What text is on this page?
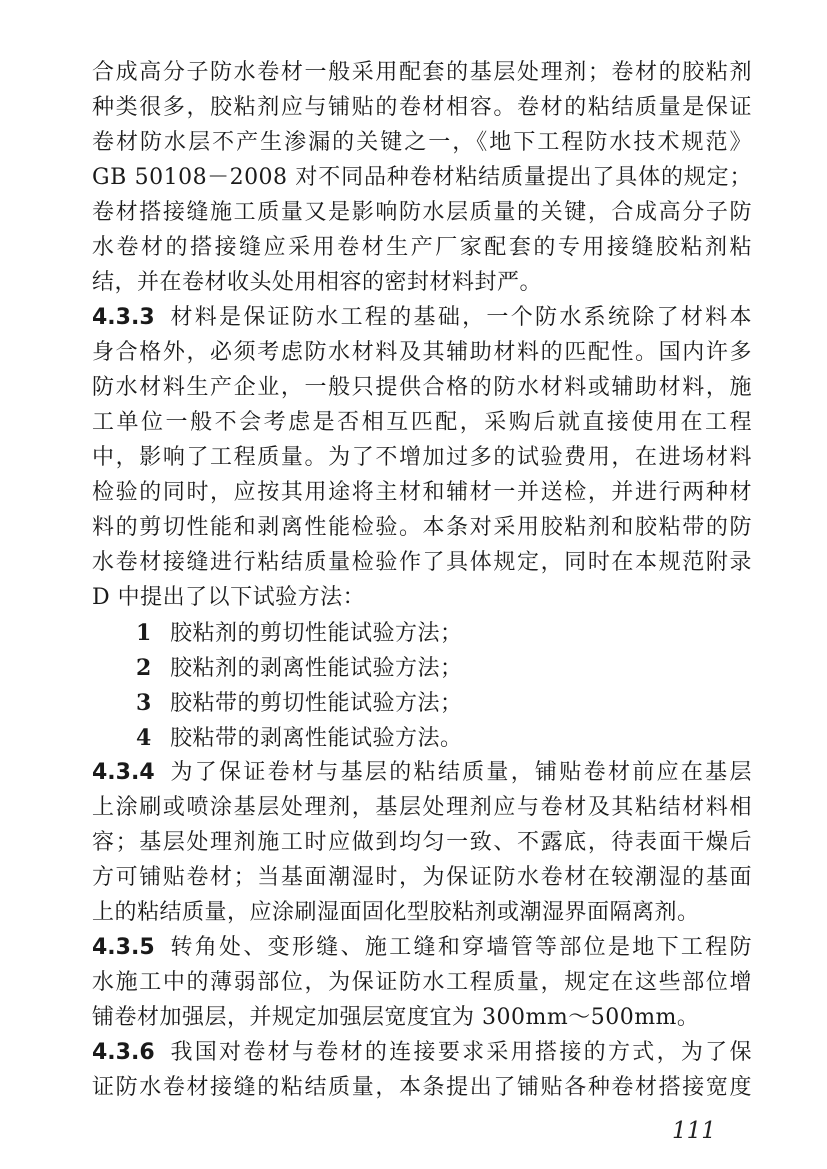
合成高分子防水卷材一般采用配套的基层处理剂；卷材的胶粘剂
种类很多，胶粘剂应与铺贴的卷材相容。卷材的粘结质量是保证
卷材防水层不产生渗漏的关键之一，《地下工程防水技术规范》
GB 50108－2008 对不同品种卷材粘结质量提出了具体的规定；
卷材搭接缝施工质量又是影响防水层质量的关键，合成高分子防
水卷材的搭接缝应采用卷材生产厂家配套的专用接缝胶粘剂粘
结，并在卷材收头处用相容的密封材料封严。
4.3.3 材料是保证防水工程的基础，一个防水系统除了材料本
身合格外，必须考虑防水材料及其辅助材料的匹配性。国内许多
防水材料生产企业，一般只提供合格的防水材料或辅助材料，施
工单位一般不会考虑是否相互匹配，采购后就直接使用在工程
中，影响了工程质量。为了不增加过多的试验费用，在进场材料
检验的同时，应按其用途将主材和辅材一并送检，并进行两种材
料的剪切性能和剥离性能检验。本条对采用胶粘剂和胶粘带的防
水卷材接缝进行粘结质量检验作了具体规定，同时在本规范附录
D 中提出了以下试验方法：
1 胶粘剂的剪切性能试验方法；
2 胶粘剂的剥离性能试验方法；
3 胶粘带的剪切性能试验方法；
4 胶粘带的剥离性能试验方法。
4.3.4 为了保证卷材与基层的粘结质量，铺贴卷材前应在基层
上涂刷或喷涂基层处理剂，基层处理剂应与卷材及其粘结材料相
容；基层处理剂施工时应做到均匀一致、不露底，待表面干燥后
方可铺贴卷材；当基面潮湿时，为保证防水卷材在较潮湿的基面
上的粘结质量，应涂刷湿面固化型胶粘剂或潮湿界面隔离剂。
4.3.5 转角处、变形缝、施工缝和穿墙管等部位是地下工程防
水施工中的薄弱部位，为保证防水工程质量，规定在这些部位增
铺卷材加强层，并规定加强层宽度宜为 300mm～500mm。
4.3.6 我国对卷材与卷材的连接要求采用搭接的方式，为了保
证防水卷材接缝的粘结质量，本条提出了铺贴各种卷材搭接宽度
111
